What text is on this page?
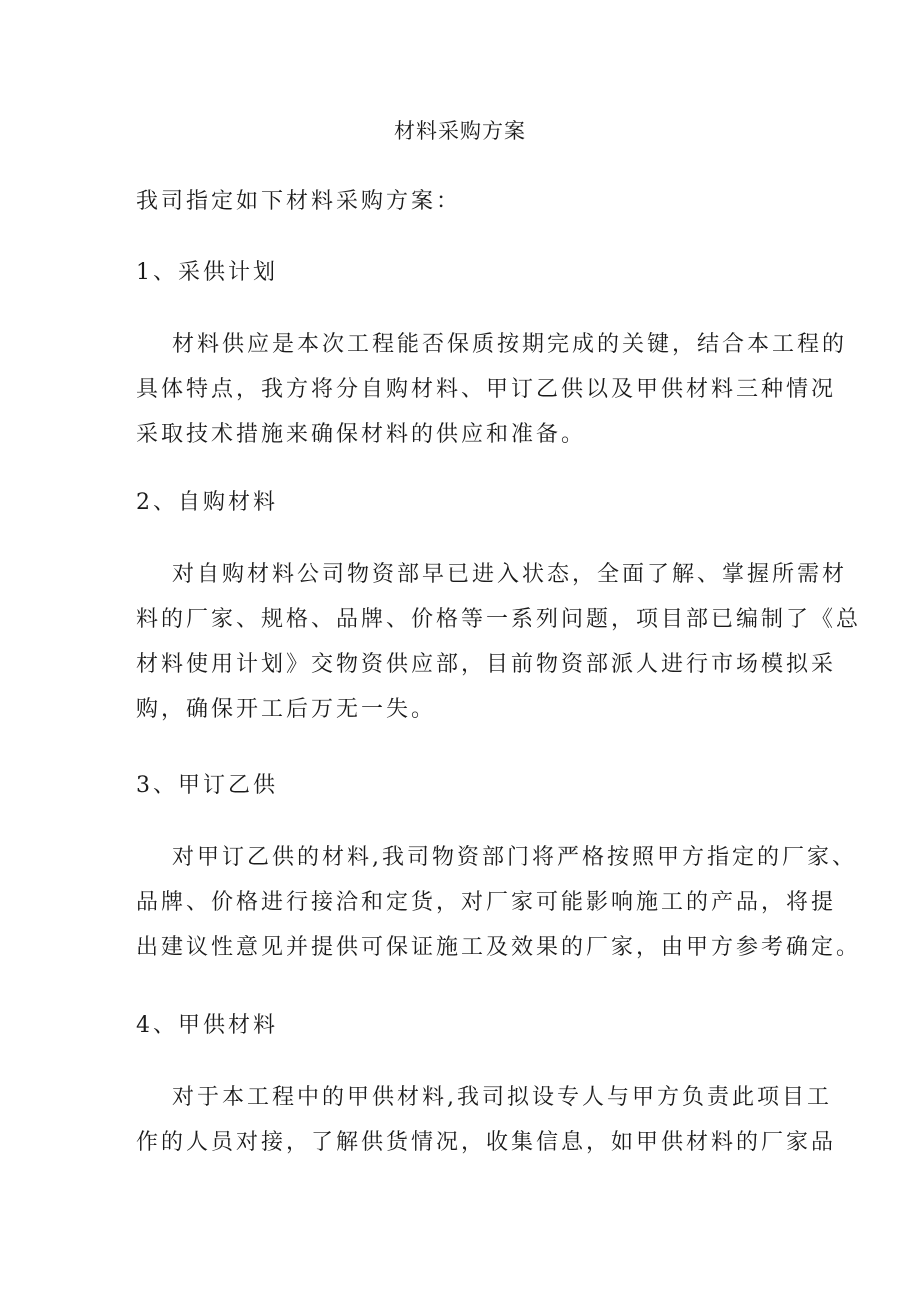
材料采购方案

我司指定如下材料采购方案：

1、采供计划

材料供应是本次工程能否保质按期完成的关键，结合本工程的
具体特点，我方将分自购材料、甲订乙供以及甲供材料三种情况
采取技术措施来确保材料的供应和准备。

2、自购材料

对自购材料公司物资部早已进入状态，全面了解、掌握所需材
料的厂家、规格、品牌、价格等一系列问题，项目部已编制了《总
材料使用计划》交物资供应部，目前物资部派人进行市场模拟采
购，确保开工后万无一失。

3、甲订乙供

对甲订乙供的材料,我司物资部门将严格按照甲方指定的厂家、
品牌、价格进行接洽和定货，对厂家可能影响施工的产品，将提
出建议性意见并提供可保证施工及效果的厂家，由甲方参考确定。

4、甲供材料

对于本工程中的甲供材料,我司拟设专人与甲方负责此项目工
作的人员对接，了解供货情况，收集信息，如甲供材料的厂家品
